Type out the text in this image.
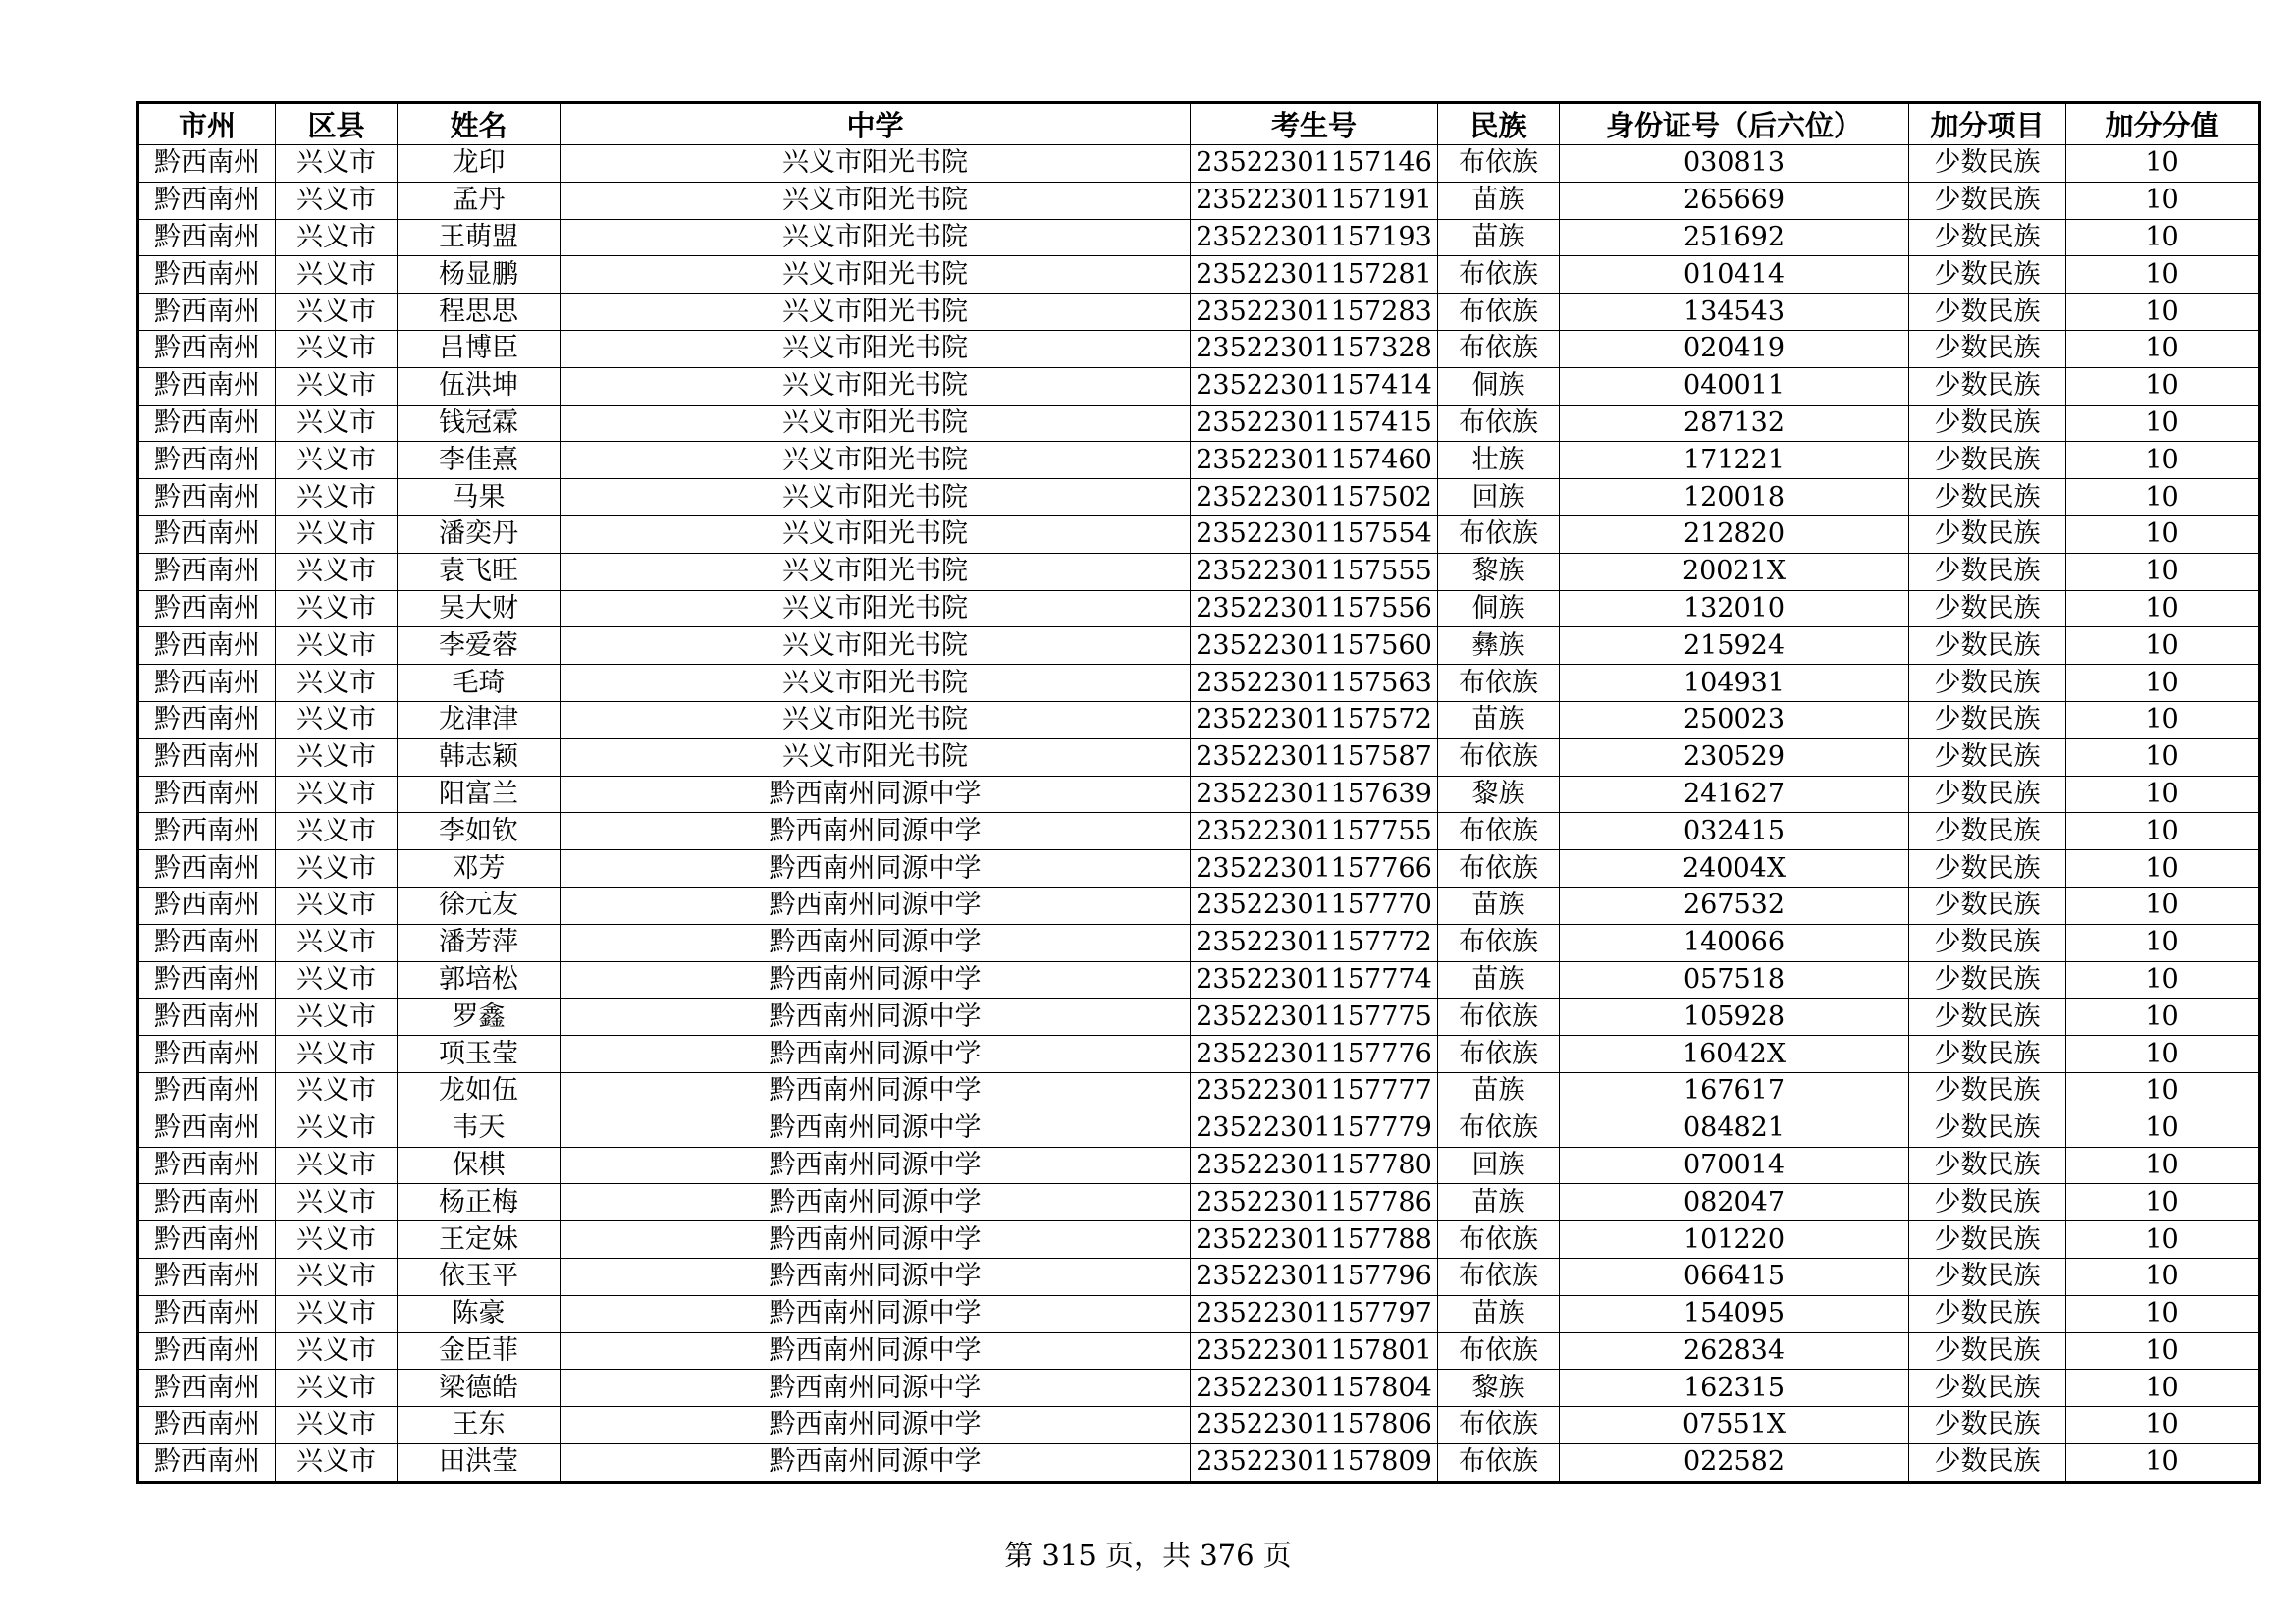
市州	区县	姓名	中学	考生号	民族	身份证号（后六位）	加分项目	加分分值
黔西南州	兴义市	龙印	兴义市阳光书院	23522301157146	布依族	030813	少数民族	10
黔西南州	兴义市	孟丹	兴义市阳光书院	23522301157191	苗族	265669	少数民族	10
黔西南州	兴义市	王萌盟	兴义市阳光书院	23522301157193	苗族	251692	少数民族	10
黔西南州	兴义市	杨显鹏	兴义市阳光书院	23522301157281	布依族	010414	少数民族	10
黔西南州	兴义市	程思思	兴义市阳光书院	23522301157283	布依族	134543	少数民族	10
黔西南州	兴义市	吕博臣	兴义市阳光书院	23522301157328	布依族	020419	少数民族	10
黔西南州	兴义市	伍洪坤	兴义市阳光书院	23522301157414	侗族	040011	少数民族	10
黔西南州	兴义市	钱冠霖	兴义市阳光书院	23522301157415	布依族	287132	少数民族	10
黔西南州	兴义市	李佳熹	兴义市阳光书院	23522301157460	壮族	171221	少数民族	10
黔西南州	兴义市	马果	兴义市阳光书院	23522301157502	回族	120018	少数民族	10
黔西南州	兴义市	潘奕丹	兴义市阳光书院	23522301157554	布依族	212820	少数民族	10
黔西南州	兴义市	袁飞旺	兴义市阳光书院	23522301157555	黎族	20021X	少数民族	10
黔西南州	兴义市	吴大财	兴义市阳光书院	23522301157556	侗族	132010	少数民族	10
黔西南州	兴义市	李爱蓉	兴义市阳光书院	23522301157560	彝族	215924	少数民族	10
黔西南州	兴义市	毛琦	兴义市阳光书院	23522301157563	布依族	104931	少数民族	10
黔西南州	兴义市	龙津津	兴义市阳光书院	23522301157572	苗族	250023	少数民族	10
黔西南州	兴义市	韩志颖	兴义市阳光书院	23522301157587	布依族	230529	少数民族	10
黔西南州	兴义市	阳富兰	黔西南州同源中学	23522301157639	黎族	241627	少数民族	10
黔西南州	兴义市	李如钦	黔西南州同源中学	23522301157755	布依族	032415	少数民族	10
黔西南州	兴义市	邓芳	黔西南州同源中学	23522301157766	布依族	24004X	少数民族	10
黔西南州	兴义市	徐元友	黔西南州同源中学	23522301157770	苗族	267532	少数民族	10
黔西南州	兴义市	潘芳萍	黔西南州同源中学	23522301157772	布依族	140066	少数民族	10
黔西南州	兴义市	郭培松	黔西南州同源中学	23522301157774	苗族	057518	少数民族	10
黔西南州	兴义市	罗鑫	黔西南州同源中学	23522301157775	布依族	105928	少数民族	10
黔西南州	兴义市	项玉莹	黔西南州同源中学	23522301157776	布依族	16042X	少数民族	10
黔西南州	兴义市	龙如伍	黔西南州同源中学	23522301157777	苗族	167617	少数民族	10
黔西南州	兴义市	韦天	黔西南州同源中学	23522301157779	布依族	084821	少数民族	10
黔西南州	兴义市	保棋	黔西南州同源中学	23522301157780	回族	070014	少数民族	10
黔西南州	兴义市	杨正梅	黔西南州同源中学	23522301157786	苗族	082047	少数民族	10
黔西南州	兴义市	王定妹	黔西南州同源中学	23522301157788	布依族	101220	少数民族	10
黔西南州	兴义市	依玉平	黔西南州同源中学	23522301157796	布依族	066415	少数民族	10
黔西南州	兴义市	陈豪	黔西南州同源中学	23522301157797	苗族	154095	少数民族	10
黔西南州	兴义市	金臣菲	黔西南州同源中学	23522301157801	布依族	262834	少数民族	10
黔西南州	兴义市	梁德皓	黔西南州同源中学	23522301157804	黎族	162315	少数民族	10
黔西南州	兴义市	王东	黔西南州同源中学	23522301157806	布依族	07551X	少数民族	10
黔西南州	兴义市	田洪莹	黔西南州同源中学	23522301157809	布依族	022582	少数民族	10
第 315 页，共 376 页
